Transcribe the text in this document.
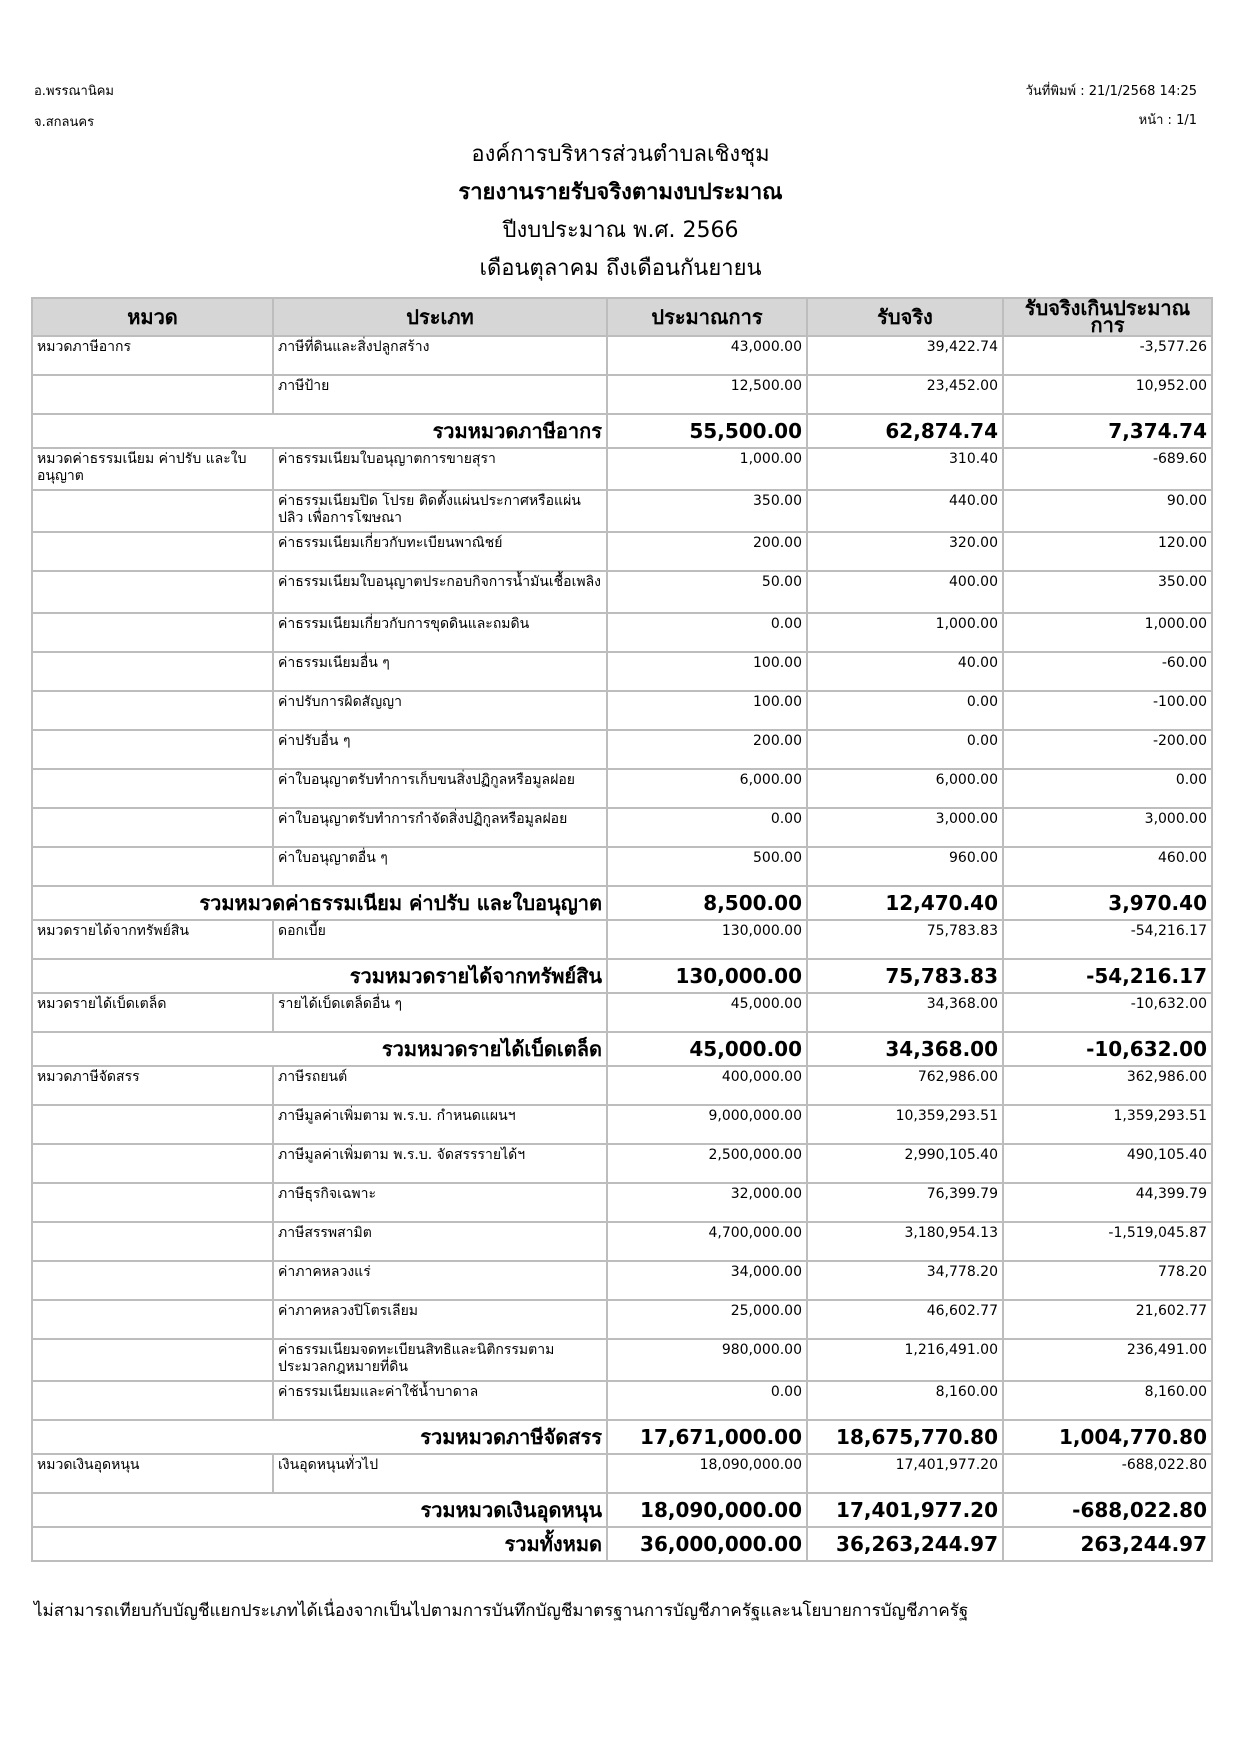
อ.พรรณานิคม
จ.สกลนคร
วันที่พิมพ์ : 21/1/2568 14:25
หน้า : 1/1
องค์การบริหารส่วนตำบลเชิงชุม
รายงานรายรับจริงตามงบประมาณ
ปีงบประมาณ พ.ศ. 2566
เดือนตุลาคม ถึงเดือนกันยายน
หมวด	ประเภท	ประมาณการ	รับจริง	รับจริงเกินประมาณการ
หมวดภาษีอากร	ภาษีที่ดินและสิ่งปลูกสร้าง	43,000.00	39,422.74	-3,577.26
	ภาษีป้าย	12,500.00	23,452.00	10,952.00
รวมหมวดภาษีอากร		55,500.00	62,874.74	7,374.74
หมวดค่าธรรมเนียม ค่าปรับ และใบอนุญาต	ค่าธรรมเนียมใบอนุญาตการขายสุรา	1,000.00	310.40	-689.60
	ค่าธรรมเนียมปิด โปรย ติดตั้งแผ่นประกาศหรือแผ่นปลิว เพื่อการโฆษณา	350.00	440.00	90.00
	ค่าธรรมเนียมเกี่ยวกับทะเบียนพาณิชย์	200.00	320.00	120.00
	ค่าธรรมเนียมใบอนุญาตประกอบกิจการน้ำมันเชื้อเพลิง	50.00	400.00	350.00
	ค่าธรรมเนียมเกี่ยวกับการขุดดินและถมดิน	0.00	1,000.00	1,000.00
	ค่าธรรมเนียมอื่น ๆ	100.00	40.00	-60.00
	ค่าปรับการผิดสัญญา	100.00	0.00	-100.00
	ค่าปรับอื่น ๆ	200.00	0.00	-200.00
	ค่าใบอนุญาตรับทำการเก็บขนสิ่งปฏิกูลหรือมูลฝอย	6,000.00	6,000.00	0.00
	ค่าใบอนุญาตรับทำการกำจัดสิ่งปฏิกูลหรือมูลฝอย	0.00	3,000.00	3,000.00
	ค่าใบอนุญาตอื่น ๆ	500.00	960.00	460.00
รวมหมวดค่าธรรมเนียม ค่าปรับ และใบอนุญาต		8,500.00	12,470.40	3,970.40
หมวดรายได้จากทรัพย์สิน	ดอกเบี้ย	130,000.00	75,783.83	-54,216.17
รวมหมวดรายได้จากทรัพย์สิน		130,000.00	75,783.83	-54,216.17
หมวดรายได้เบ็ดเตล็ด	รายได้เบ็ดเตล็ดอื่น ๆ	45,000.00	34,368.00	-10,632.00
รวมหมวดรายได้เบ็ดเตล็ด		45,000.00	34,368.00	-10,632.00
หมวดภาษีจัดสรร	ภาษีรถยนต์	400,000.00	762,986.00	362,986.00
	ภาษีมูลค่าเพิ่มตาม พ.ร.บ. กำหนดแผนฯ	9,000,000.00	10,359,293.51	1,359,293.51
	ภาษีมูลค่าเพิ่มตาม พ.ร.บ. จัดสรรรายได้ฯ	2,500,000.00	2,990,105.40	490,105.40
	ภาษีธุรกิจเฉพาะ	32,000.00	76,399.79	44,399.79
	ภาษีสรรพสามิต	4,700,000.00	3,180,954.13	-1,519,045.87
	ค่าภาคหลวงแร่	34,000.00	34,778.20	778.20
	ค่าภาคหลวงปิโตรเลียม	25,000.00	46,602.77	21,602.77
	ค่าธรรมเนียมจดทะเบียนสิทธิและนิติกรรมตามประมวลกฎหมายที่ดิน	980,000.00	1,216,491.00	236,491.00
	ค่าธรรมเนียมและค่าใช้น้ำบาดาล	0.00	8,160.00	8,160.00
รวมหมวดภาษีจัดสรร		17,671,000.00	18,675,770.80	1,004,770.80
หมวดเงินอุดหนุน	เงินอุดหนุนทั่วไป	18,090,000.00	17,401,977.20	-688,022.80
รวมหมวดเงินอุดหนุน		18,090,000.00	17,401,977.20	-688,022.80
รวมทั้งหมด		36,000,000.00	36,263,244.97	263,244.97
ไม่สามารถเทียบกับบัญชีแยกประเภทได้เนื่องจากเป็นไปตามการบันทึกบัญชีมาตรฐานการบัญชีภาครัฐและนโยบายการบัญชีภาครัฐ
